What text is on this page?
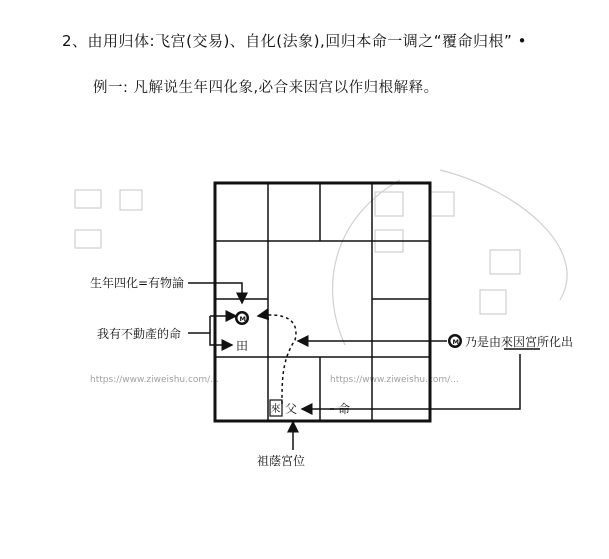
2、由用归体:飞宫(交易)、自化(法象),回归本命一调之“覆命归根” •
例一: 凡解说生年四化象,必合来因宫以作归根解释。
https://www.ziweishu.com/...	https://www.ziweishu.com/...
生年四化=有物論
我有不動產的命
M
田	M 乃是由來因宮所化出
來 父	命
祖蔭宮位
